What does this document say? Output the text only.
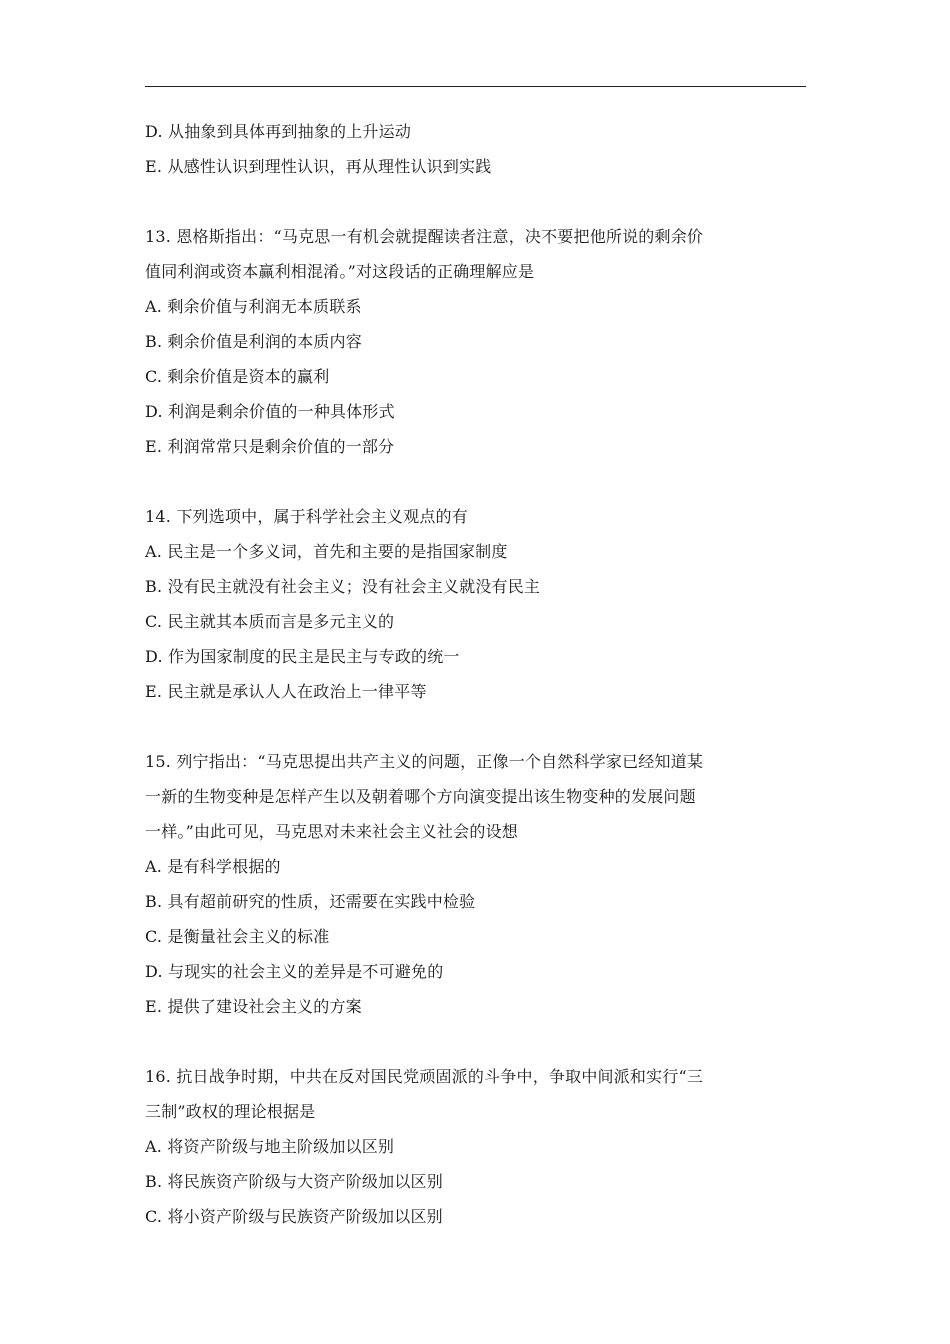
D. 从抽象到具体再到抽象的上升运动
E. 从感性认识到理性认识，再从理性认识到实践
13. 恩格斯指出：“马克思一有机会就提醒读者注意，决不要把他所说的剩余价
值同利润或资本赢利相混淆。”对这段话的正确理解应是
A. 剩余价值与利润无本质联系
B. 剩余价值是利润的本质内容
C. 剩余价值是资本的赢利
D. 利润是剩余价值的一种具体形式
E. 利润常常只是剩余价值的一部分
14. 下列选项中，属于科学社会主义观点的有
A. 民主是一个多义词，首先和主要的是指国家制度
B. 没有民主就没有社会主义；没有社会主义就没有民主
C. 民主就其本质而言是多元主义的
D. 作为国家制度的民主是民主与专政的统一
E. 民主就是承认人人在政治上一律平等
15. 列宁指出：“马克思提出共产主义的问题，正像一个自然科学家已经知道某
一新的生物变种是怎样产生以及朝着哪个方向演变提出该生物变种的发展问题
一样。”由此可见，马克思对未来社会主义社会的设想
A. 是有科学根据的
B. 具有超前研究的性质，还需要在实践中检验
C. 是衡量社会主义的标准
D. 与现实的社会主义的差异是不可避免的
E. 提供了建设社会主义的方案
16. 抗日战争时期，中共在反对国民党顽固派的斗争中，争取中间派和实行“三
三制”政权的理论根据是
A. 将资产阶级与地主阶级加以区别
B. 将民族资产阶级与大资产阶级加以区别
C. 将小资产阶级与民族资产阶级加以区别
